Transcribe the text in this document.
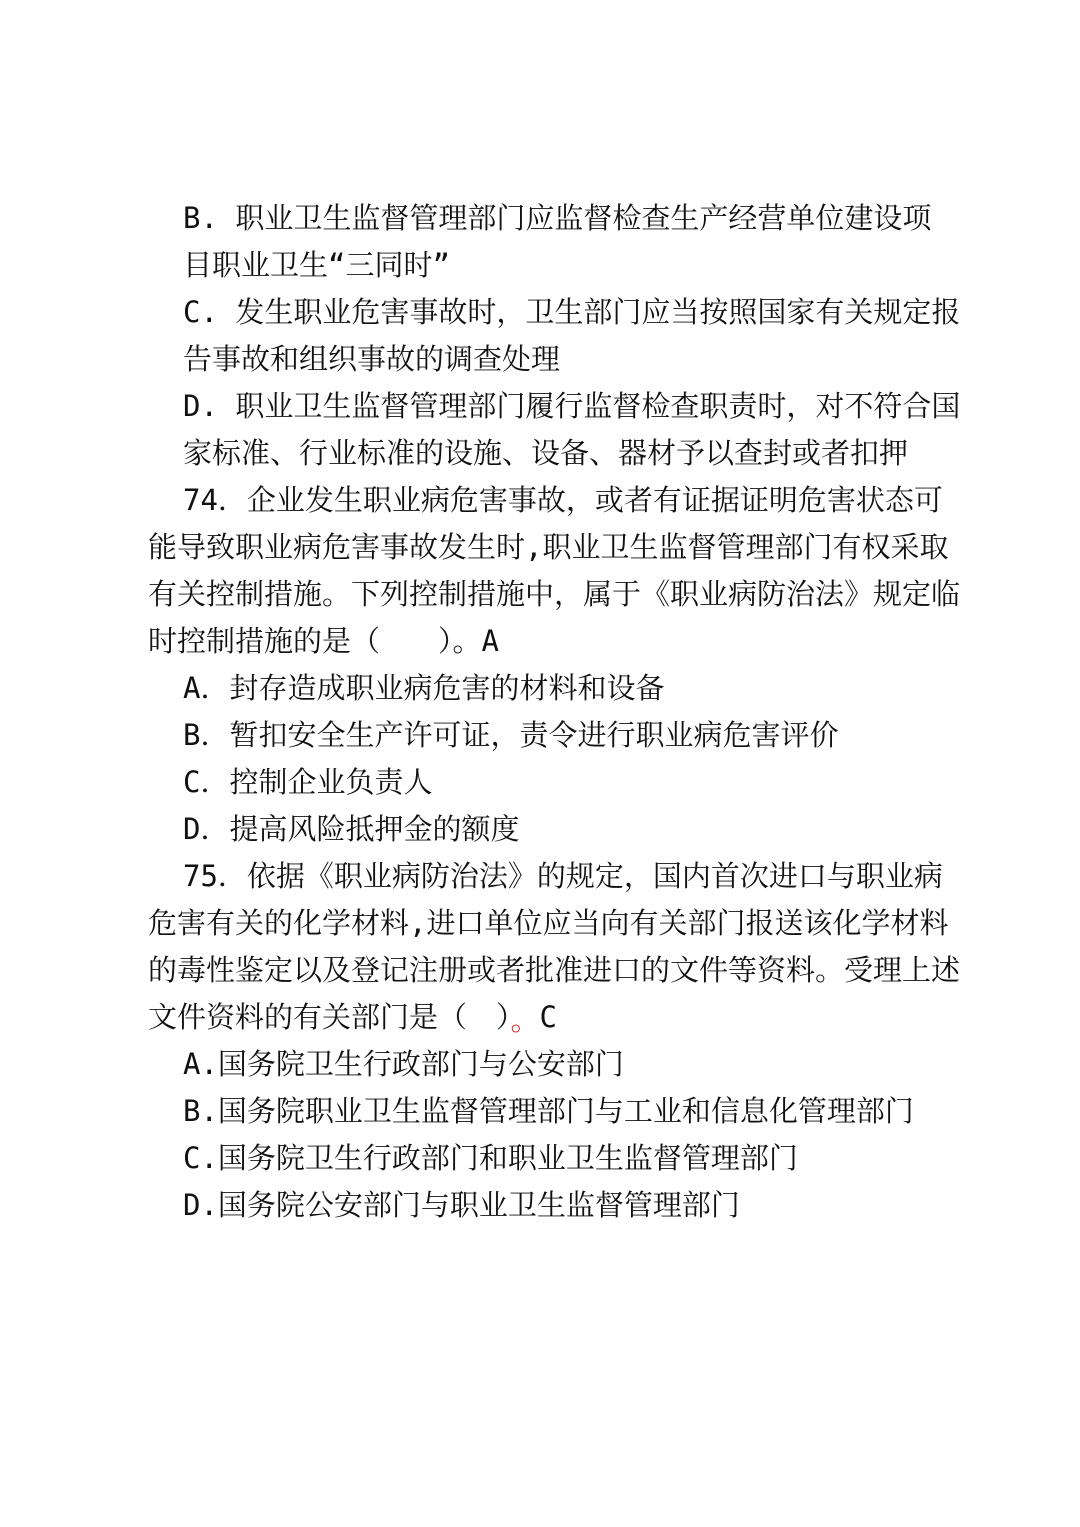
B. 职业卫生监督管理部门应监督检查生产经营单位建设项
目职业卫生“三同时”
C. 发生职业危害事故时，卫生部门应当按照国家有关规定报
告事故和组织事故的调查处理
D. 职业卫生监督管理部门履行监督检查职责时，对不符合国
家标准、行业标准的设施、设备、器材予以查封或者扣押
74．企业发生职业病危害事故，或者有证据证明危害状态可
能导致职业病危害事故发生时,职业卫生监督管理部门有权采取
有关控制措施。下列控制措施中，属于《职业病防治法》规定临
时控制措施的是（　　）。A
A．封存造成职业病危害的材料和设备
B．暂扣安全生产许可证，责令进行职业病危害评价
C．控制企业负责人
D．提高风险抵押金的额度
75．依据《职业病防治法》的规定，国内首次进口与职业病
危害有关的化学材料,进口单位应当向有关部门报送该化学材料
的毒性鉴定以及登记注册或者批准进口的文件等资料。受理上述
文件资料的有关部门是（　）。C
A.国务院卫生行政部门与公安部门
B.国务院职业卫生监督管理部门与工业和信息化管理部门
C.国务院卫生行政部门和职业卫生监督管理部门
D.国务院公安部门与职业卫生监督管理部门
